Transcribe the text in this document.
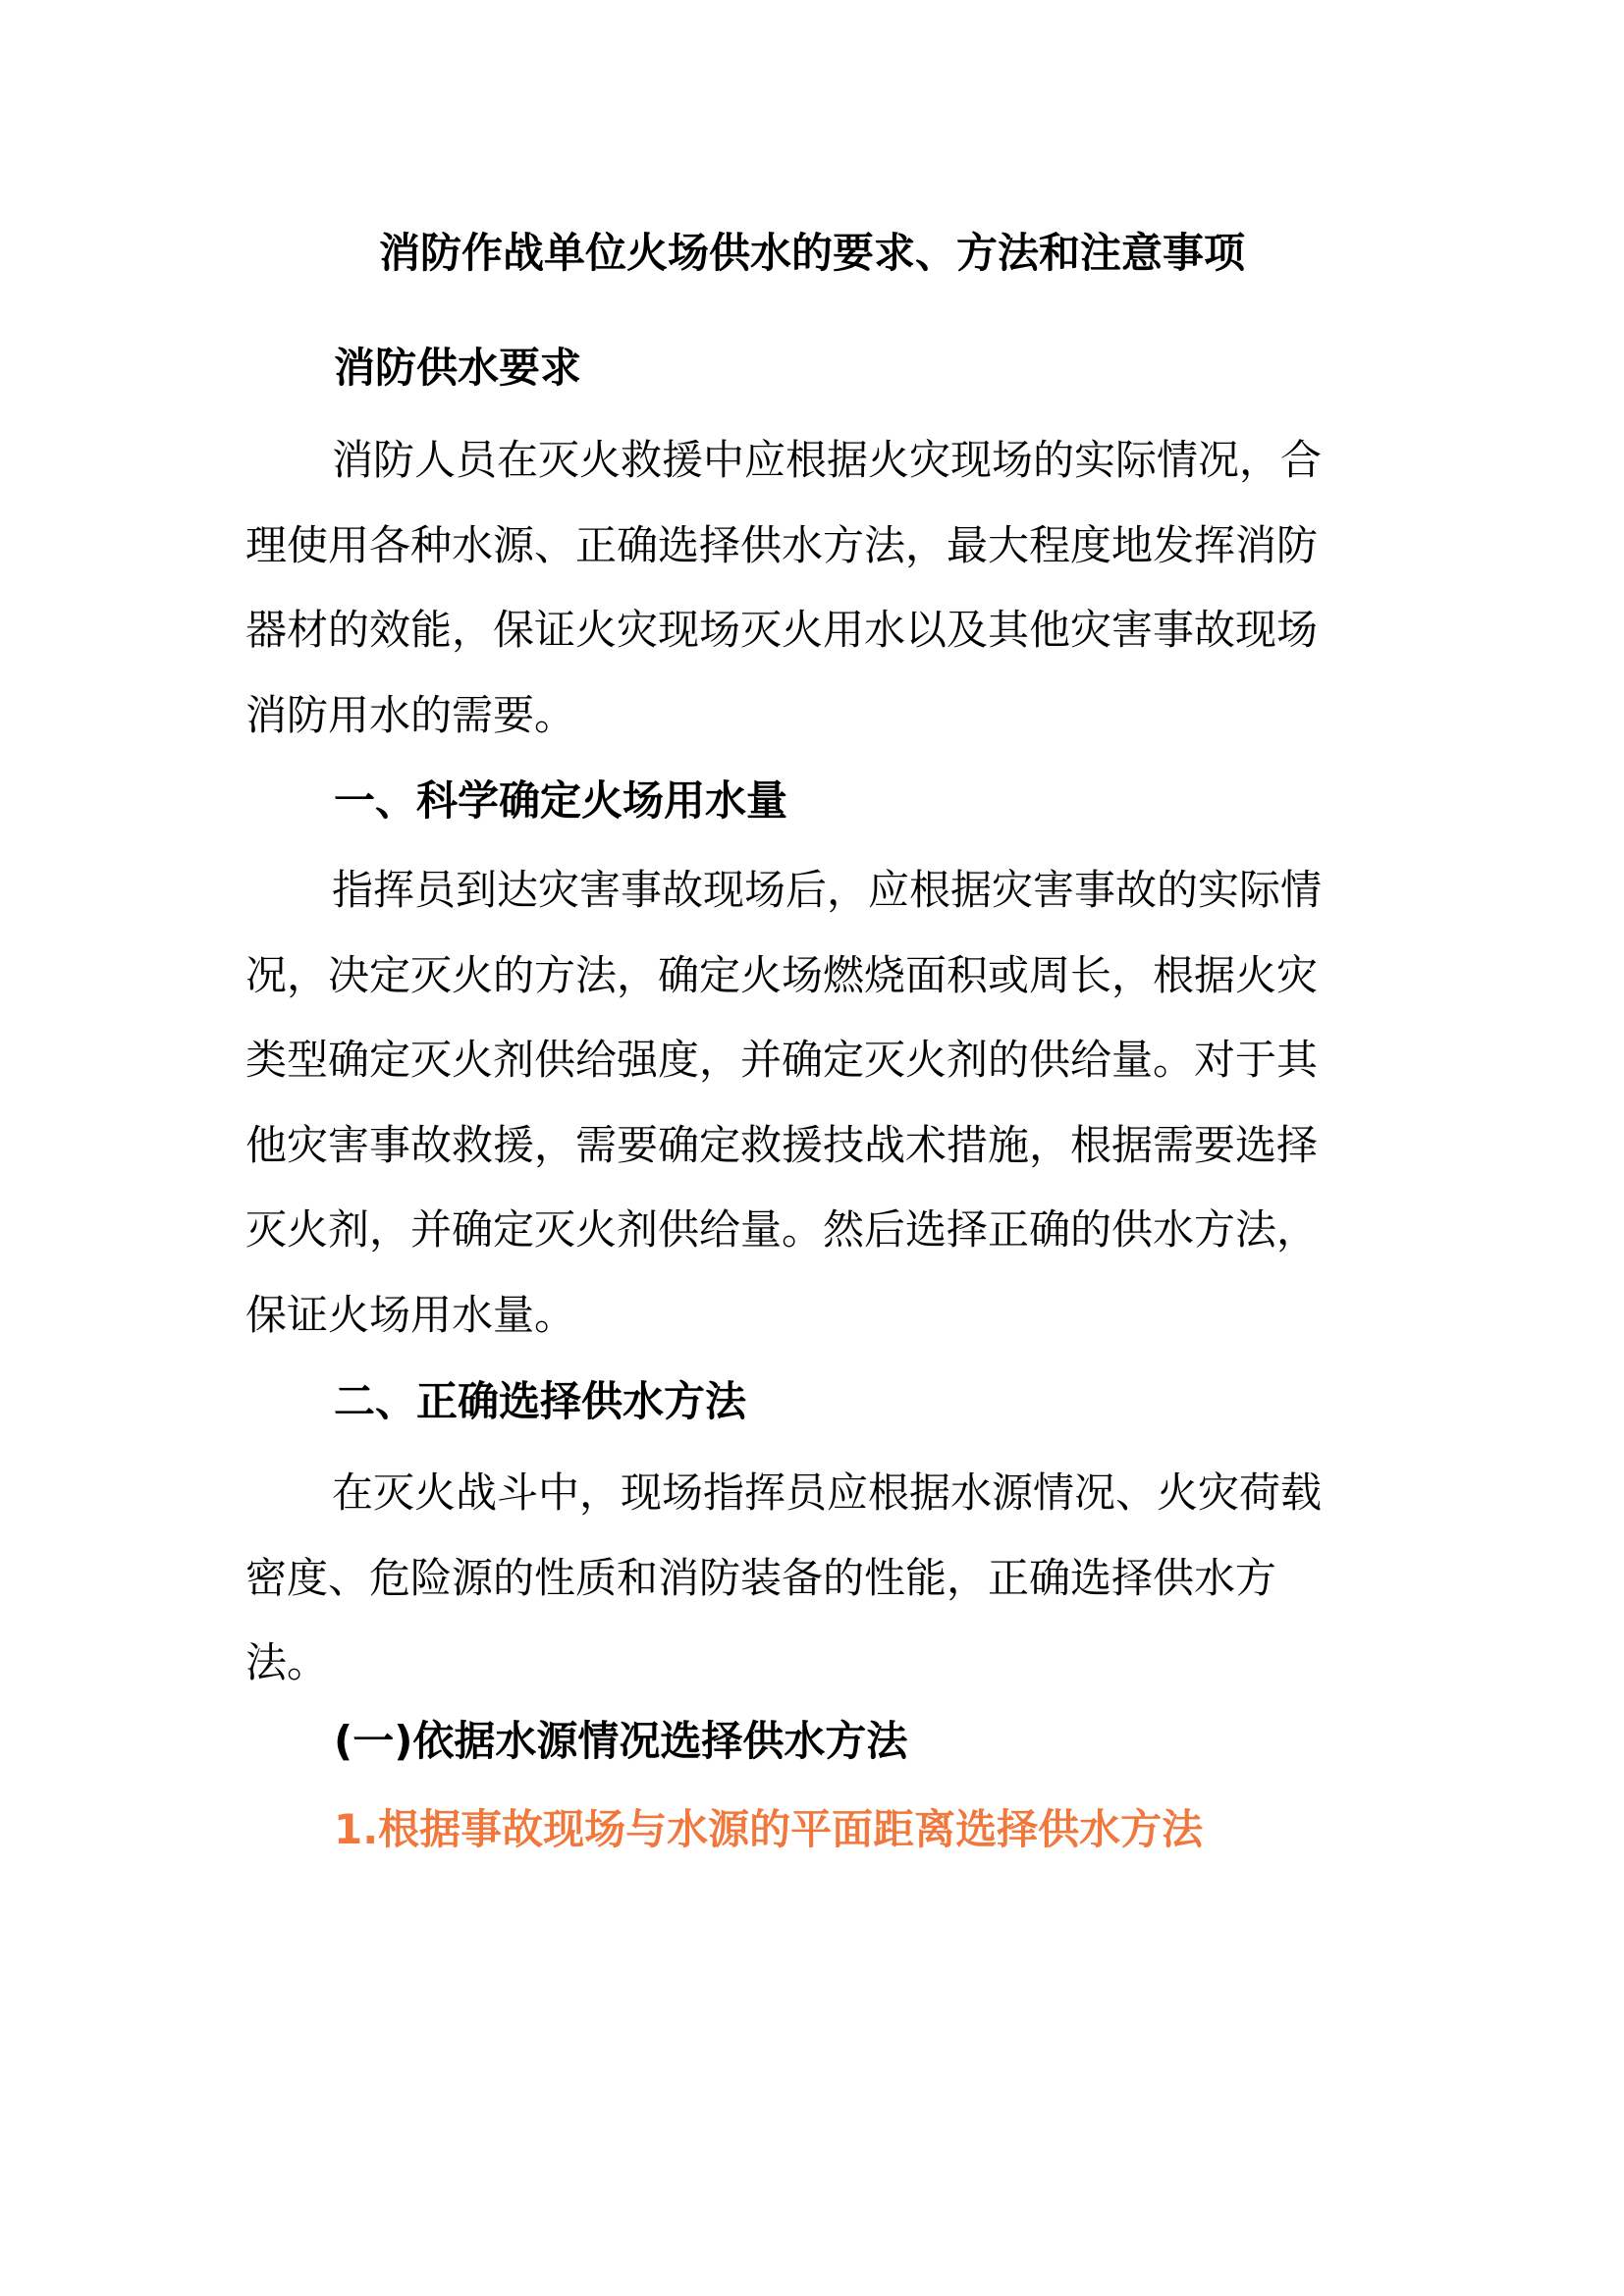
消防作战单位火场供水的要求、方法和注意事项
消防供水要求

消防人员在灭火救援中应根据火灾现场的实际情况，合理使用各种水源、正确选择供水方法，最大程度地发挥消防器材的效能，保证火灾现场灭火用水以及其他灾害事故现场消防用水的需要。

一、科学确定火场用水量

指挥员到达灾害事故现场后，应根据灾害事故的实际情况，决定灭火的方法，确定火场燃烧面积或周长，根据火灾类型确定灭火剂供给强度，并确定灭火剂的供给量。对于其他灾害事故救援，需要确定救援技战术措施，根据需要选择灭火剂，并确定灭火剂供给量。然后选择正确的供水方法，保证火场用水量。

二、正确选择供水方法

在灭火战斗中，现场指挥员应根据水源情况、火灾荷载密度、危险源的性质和消防装备的性能，正确选择供水方法。

(一)依据水源情况选择供水方法
1.根据事故现场与水源的平面距离选择供水方法
